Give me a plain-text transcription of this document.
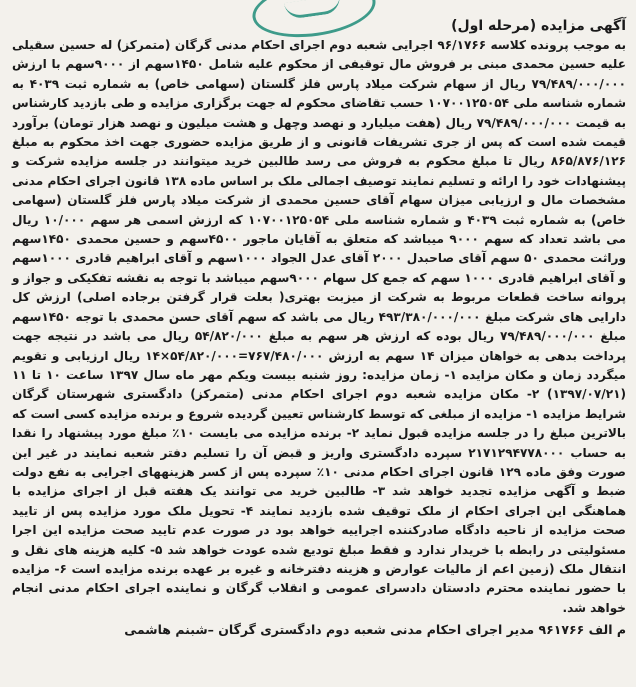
آگهی مزایده (مرحله اول)

به موجب پرونده کلاسه ۹۶/۱۷۶۶ اجرایی شعبه دوم اجرای احکام مدنی گرگان (متمرکز) له حسین سقیلی علیه حسین محمدی مبنی بر فروش مال توقیفی از محکوم علیه شامل ۱۴۵۰سهم از ۹۰۰۰سهم با ارزش ۷۹/۴۸۹/۰۰۰/۰۰۰ ریال از سهام شرکت میلاد پارس فلز گلستان (سهامی خاص) به شماره ثبت ۴۰۳۹ به شماره شناسه ملی ۱۰۷۰۰۱۲۵۰۵۴ حسب تقاضای محکوم له جهت برگزاری مزایده و طی بازدید کارشناس به قیمت ۷۹/۴۸۹/۰۰۰/۰۰۰ ریال (هفت میلیارد و نهصد وچهل و هشت میلیون و نهصد هزار تومان) برآورد قیمت شده است که پس از جری تشریفات قانونی و از طریق مزایده حضوری جهت اخذ محکوم به مبلغ ۸۶۵/۸۷۶/۱۲۶ ریال تا مبلغ محکوم به فروش می رسد طالبین خرید میتوانند در جلسه مزایده شرکت و پیشنهادات خود را ارائه و تسلیم نمایند توصیف اجمالی ملک بر اساس ماده ۱۳۸ قانون اجرای احکام مدنی مشخصات مال و ارزیابی میزان سهام آقای حسین محمدی از شرکت میلاد پارس فلز گلستان (سهامی خاص) به شماره ثبت ۴۰۳۹ و شماره شناسه ملی ۱۰۷۰۰۱۲۵۰۵۴ که ارزش اسمی هر سهم ۱۰/۰۰۰ ریال می باشد تعداد که سهم ۹۰۰۰ میباشد که متعلق به آقایان ماجور ۴۵۰۰سهم و حسین محمدی ۱۴۵۰سهم وراثت محمدی ۵۰ سهم آقای صاحبدل ۲۰۰۰ آقای عدل الجواد ۱۰۰۰سهم و آقای ابراهیم قادری ۱۰۰۰سهم و آقای ابراهیم قادری ۱۰۰۰ سهم که جمع کل سهام ۹۰۰۰سهم میباشد با توجه به نقشه تفکیکی و جواز و پروانه ساخت قطعات مربوط به شرکت از میزبت بهتری( بعلت قرار گرفتن برجاده اصلی) ارزش کل دارایی های شرکت مبلغ ۴۹۳/۳۸۰/۰۰۰/۰۰۰ ریال می باشد که سهم آقای حسن محمدی با توجه ۱۴۵۰سهم مبلغ ۷۹/۴۸۹/۰۰۰/۰۰۰ ریال بوده که ارزش هر سهم به مبلغ ۵۴/۸۲۰/۰۰۰ ریال می باشد در نتیجه جهت پرداخت بدهی به خواهان میزان ۱۴ سهم به ارزش ۷۶۷/۴۸۰/۰۰۰=۵۴/۸۲۰/۰۰۰×۱۴ ریال ارزیابی و تقویم میگردد زمان و مکان مزایده ۱- زمان مزایده: روز شنبه بیست ویکم مهر ماه سال ۱۳۹۷ ساعت ۱۰ تا ۱۱ (۱۳۹۷/۰۷/۲۱) ۲- مکان مزایده شعبه دوم اجرای احکام مدنی (متمرکز) دادگستری شهرستان گرگان شرایط مزایده ۱- مزایده از مبلغی که توسط کارشناس تعیین گردیده شروع و برنده مزایده کسی است که بالاترین مبلغ را در جلسه مزایده قبول نماید ۲- برنده مزایده می بایست ۱۰٪ مبلغ مورد پیشنهاد را نقدا به حساب ۲۱۷۱۲۹۴۷۷۸۰۰۰ سپرده دادگستری واریز و قبض آن را تسلیم دفتر شعبه نمایند در غیر این صورت وفق ماده ۱۲۹ قانون اجرای احکام مدنی ۱۰٪ سپرده پس از کسر هزینههای اجرایی به نفع دولت ضبط و آگهی مزایده تجدید خواهد شد ۳- طالبین خرید می توانند یک هفته قبل از اجرای مزایده با هماهنگی این اجرای احکام از ملک توقیف شده بازدید نمایند ۴- تحویل ملک مورد مزایده پس از تایید صحت مزایده از ناحیه دادگاه صادرکننده اجراییه خواهد بود در صورت عدم تایید صحت مزایده این اجرا مسئولیتی در رابطه با خریدار ندارد و فقط مبلغ تودیع شده عودت خواهد شد ۵- کلیه هزینه های نقل و انتقال ملک (زمین اعم از مالیات عوارض و هزینه دفترخانه و غیره بر عهده برنده مزایده است ۶- مزایده با حضور نماینده محترم دادستان دادسرای عمومی و انقلاب گرگان و نماینده اجرای احکام مدنی انجام خواهد شد.

م الف ۹۶۱۷۶۶ مدیر اجرای احکام مدنی شعبه دوم دادگستری گرگان –شبنم هاشمی
